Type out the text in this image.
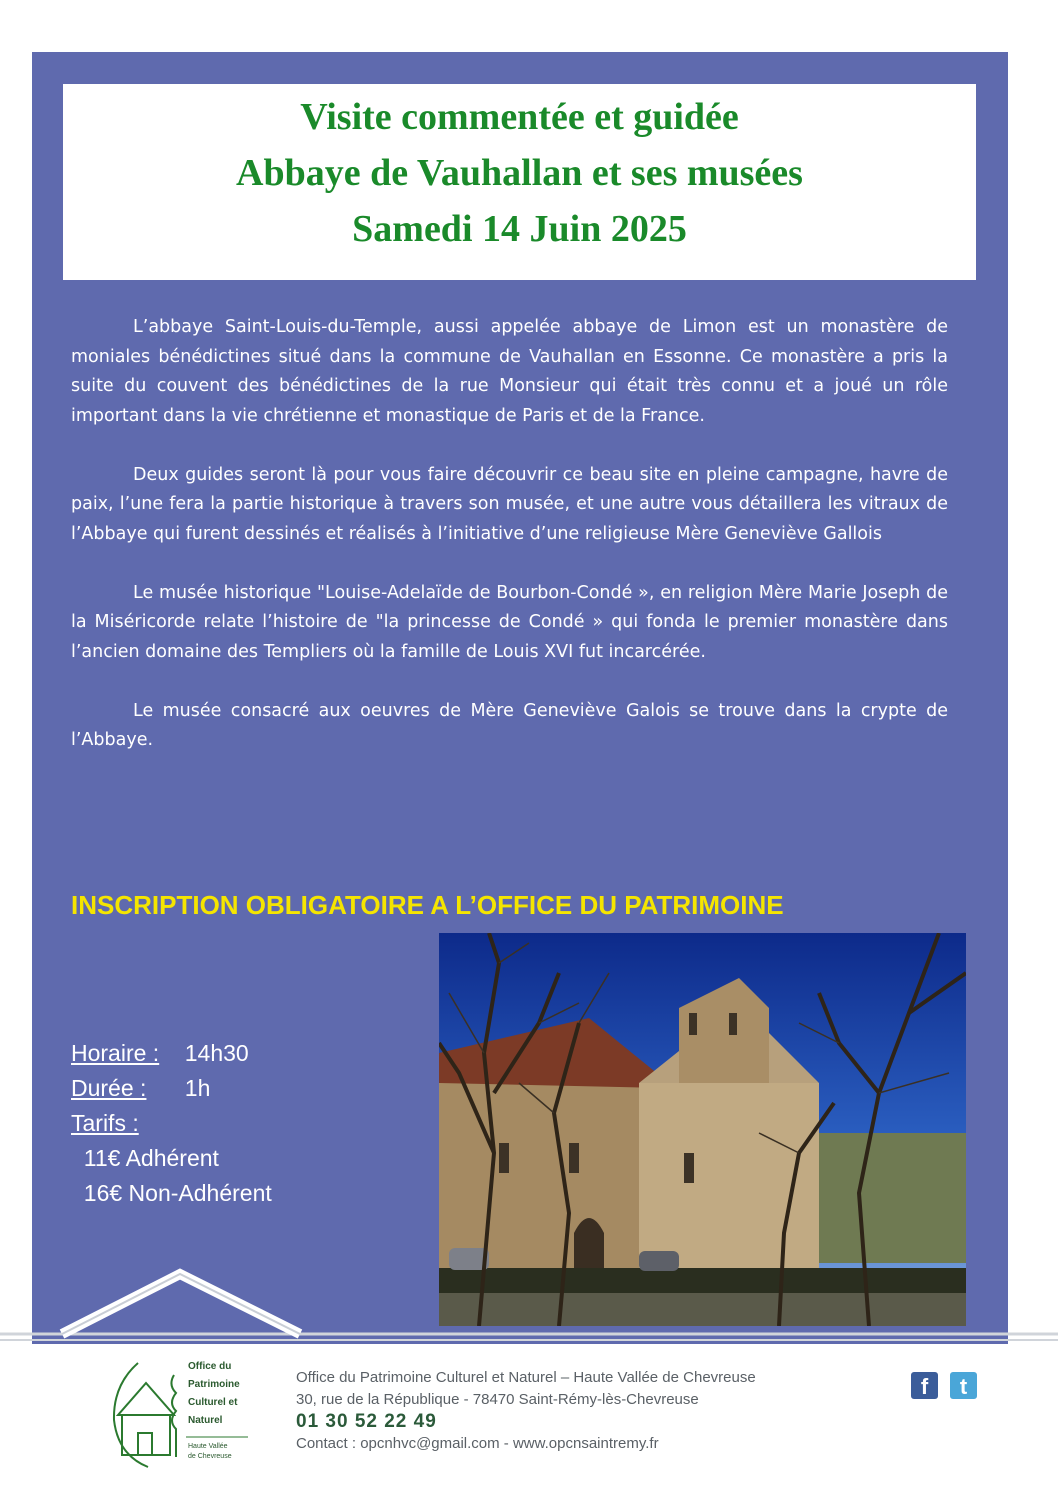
Visite commentée et guidée
Abbaye de Vauhallan et ses musées
Samedi 14 Juin 2025

L’abbaye Saint-Louis-du-Temple, aussi appelée abbaye de Limon est un monastère de moniales bénédictines situé dans la commune de Vauhallan en Essonne. Ce monastère a pris la suite du couvent des bénédictines de la rue Monsieur qui était très connu et a joué un rôle important dans la vie chrétienne et monastique de Paris et de la France.

Deux guides seront là pour vous faire découvrir ce beau site en pleine campagne, havre de paix, l’une fera la partie historique à travers son musée, et une autre vous détaillera les vitraux de l’Abbaye qui furent dessinés et réalisés à l’initiative d’une religieuse Mère Geneviève Gallois

Le musée historique "Louise-Adelaïde de Bourbon-Condé », en religion Mère Marie Joseph de la Miséricorde relate l’histoire de "la princesse de Condé » qui fonda le premier monastère dans l’ancien domaine des Templiers où la famille de Louis XVI fut incarcérée.

Le musée consacré aux oeuvres de Mère Geneviève Galois se trouve dans la crypte de l’Abbaye.

INSCRIPTION OBLIGATOIRE A L’OFFICE DU PATRIMOINE
Horaire : 14h30
Durée : 1h
Tarifs :
11€ Adhérent
16€ Non-Adhérent
Office du
Patrimoine
Culturel et
Naturel
Haute Vallée
de Chevreuse
Office du Patrimoine Culturel et Naturel – Haute Vallée de Chevreuse
30, rue de la République - 78470 Saint-Rémy-lès-Chevreuse
01 30 52 22 49
Contact : opcnhvc@gmail.com - www.opcnsaintremy.fr
f	t
